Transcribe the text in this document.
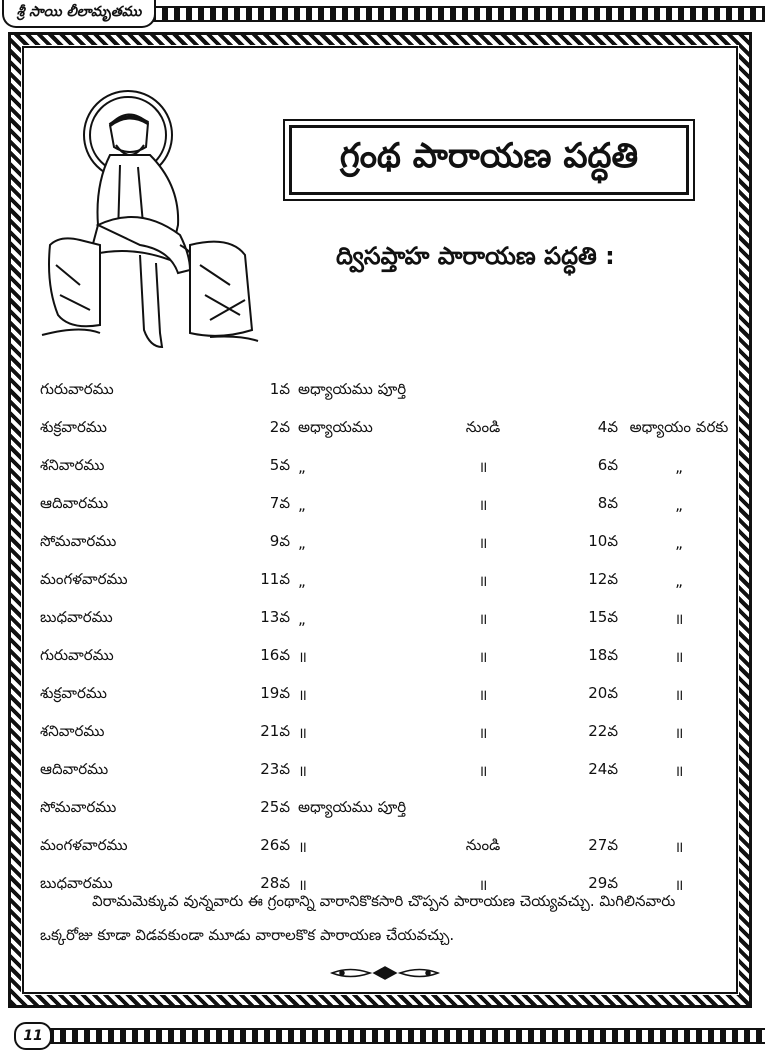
శ్రీ సాయి లీలామృతము
గ్రంథ పారాయణ పద్ధతి
ద్విసప్తాహ పారాయణ పద్ధతి :
గురువారము	1వ	అధ్యాయము పూర్తి			
శుక్రవారము	2వ	అధ్యాయము	నుండి	4వ	అధ్యాయం వరకు
శనివారము	5వ	„	॥	6వ	„
ఆదివారము	7వ	„	॥	8వ	„
సోమవారము	9వ	„	॥	10వ	„
మంగళవారము	11వ	„	॥	12వ	„
బుధవారము	13వ	„	॥	15వ	॥
గురువారము	16వ	॥	॥	18వ	॥
శుక్రవారము	19వ	॥	॥	20వ	॥
శనివారము	21వ	॥	॥	22వ	॥
ఆదివారము	23వ	॥	॥	24వ	॥
సోమవారము	25వ	అధ్యాయము పూర్తి			
మంగళవారము	26వ	॥	నుండి	27వ	॥
బుధవారము	28వ	॥	॥	29వ	॥
విరామమెక్కువ వున్నవారు ఈ గ్రంథాన్ని వారానికొకసారి చొప్పన పారాయణ చెయ్యవచ్చు. మిగిలినవారు
ఒక్కరోజు కూడా విడవకుండా మూడు వారాలకొక పారాయణ చేయవచ్చు.
11
